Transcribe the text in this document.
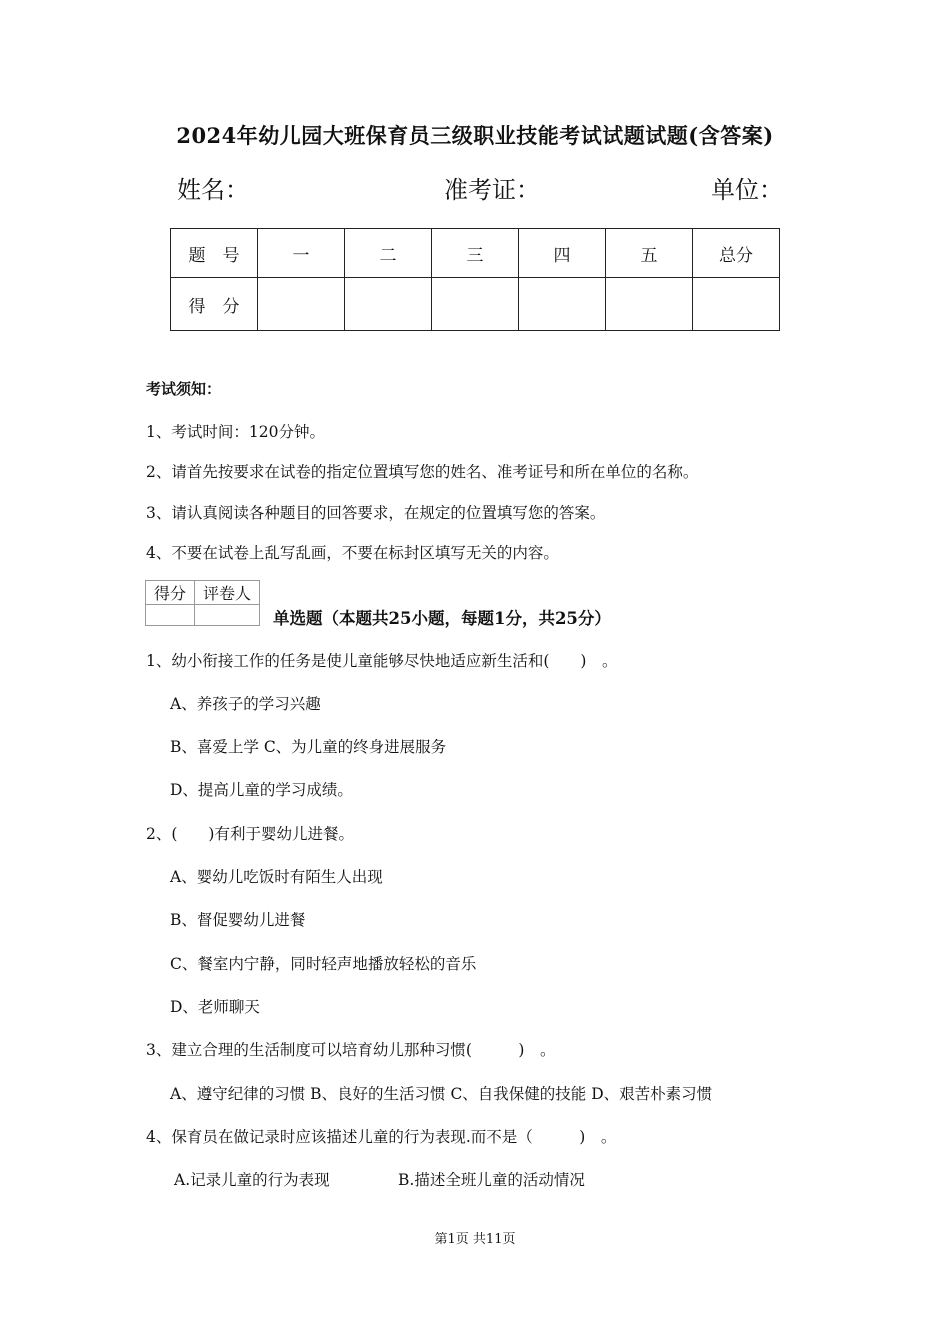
2024年幼儿园大班保育员三级职业技能考试试题试题(含答案)
姓名：	准考证：	单位：
题　号	一	二	三	四	五	总分
得　分						
考试须知：
1、考试时间：120分钟。
2、请首先按要求在试卷的指定位置填写您的姓名、准考证号和所在单位的名称。
3、请认真阅读各种题目的回答要求，在规定的位置填写您的答案。
4、不要在试卷上乱写乱画，不要在标封区填写无关的内容。
得分	评卷人

单选题（本题共25小题，每题1分，共25分）
1、幼小衔接工作的任务是使儿童能够尽快地适应新生活和(　　)　。
A、养孩子的学习兴趣
B、喜爱上学 C、为儿童的终身进展服务
D、提高儿童的学习成绩。
2、(　　)有利于婴幼儿进餐。
A、婴幼儿吃饭时有陌生人出现
B、督促婴幼儿进餐
C、餐室内宁静，同时轻声地播放轻松的音乐
D、老师聊天
3、建立合理的生活制度可以培育幼儿那种习惯(　　　)　。
A、遵守纪律的习惯 B、良好的生活习惯 C、自我保健的技能 D、艰苦朴素习惯
4、保育员在做记录时应该描述儿童的行为表现.而不是（　　　)　。
A.记录儿童的行为表现	B.描述全班儿童的活动情况
第1页 共11页
